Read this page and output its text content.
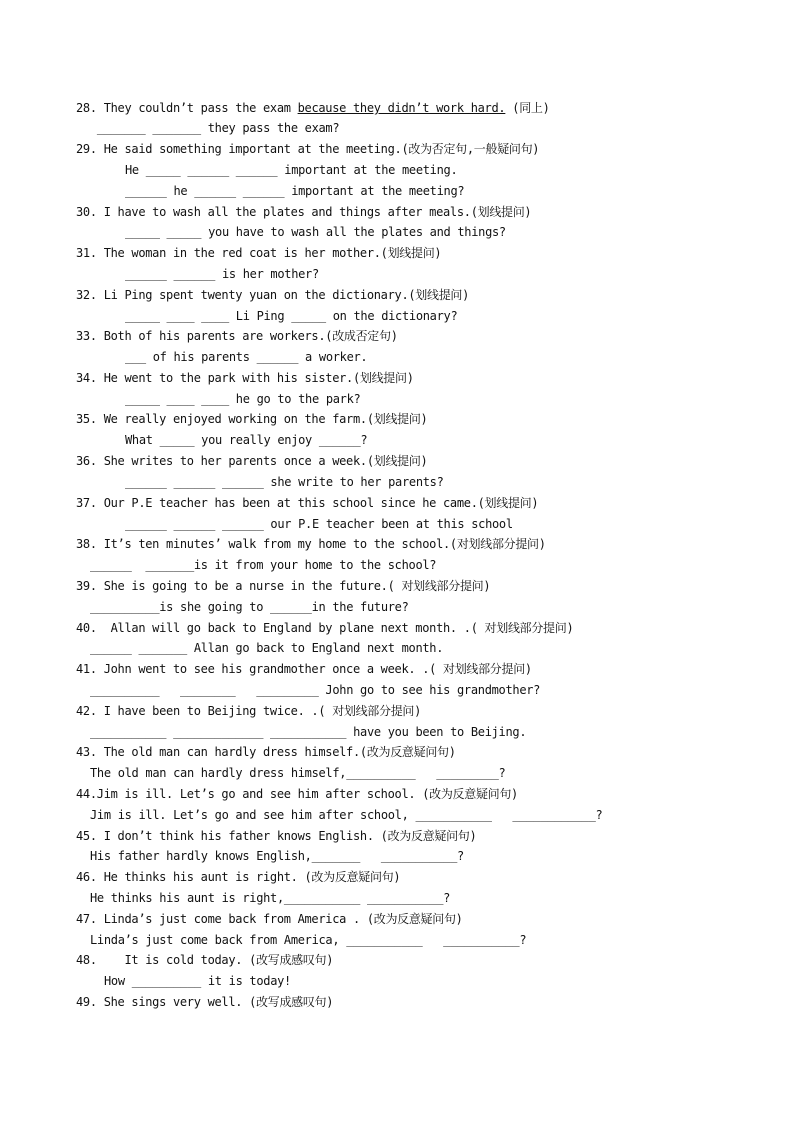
28. They couldn’t pass the exam because they didn’t work hard. (同上)
_______ _______ they pass the exam?
29. He said something important at the meeting.(改为否定句,一般疑问句)
He _____ ______ ______ important at the meeting.
______ he ______ ______ important at the meeting?
30. I have to wash all the plates and things after meals.(划线提问)
_____ _____ you have to wash all the plates and things?
31. The woman in the red coat is her mother.(划线提问)
______ ______ is her mother?
32. Li Ping spent twenty yuan on the dictionary.(划线提问)
_____ ____ ____ Li Ping _____ on the dictionary?
33. Both of his parents are workers.(改成否定句)
___ of his parents ______ a worker.
34. He went to the park with his sister.(划线提问)
_____ ____ ____ he go to the park?
35. We really enjoyed working on the farm.(划线提问)
What _____ you really enjoy ______?
36. She writes to her parents once a week.(划线提问)
______ ______ ______ she write to her parents?
37. Our P.E teacher has been at this school since he came.(划线提问)
______ ______ ______ our P.E teacher been at this school
38. It’s ten minutes’ walk from my home to the school.(对划线部分提问)
______  _______is it from your home to the school?
39. She is going to be a nurse in the future.( 对划线部分提问)
__________is she going to ______in the future?
40.  Allan will go back to England by plane next month. .( 对划线部分提问)
______ _______ Allan go back to England next month.
41. John went to see his grandmother once a week. .( 对划线部分提问)
__________   ________   _________ John go to see his grandmother?
42. I have been to Beijing twice. .( 对划线部分提问)
___________ _____________ ___________ have you been to Beijing.
43. The old man can hardly dress himself.(改为反意疑问句)
The old man can hardly dress himself,__________   _________?
44.Jim is ill. Let’s go and see him after school. (改为反意疑问句)
Jim is ill. Let’s go and see him after school, ___________   ____________?
45. I don’t think his father knows English. (改为反意疑问句)
His father hardly knows English,_______   ___________?
46. He thinks his aunt is right. (改为反意疑问句)
He thinks his aunt is right,___________ ___________?
47. Linda’s just come back from America . (改为反意疑问句)
Linda’s just come back from America, ___________   ___________?
48.    It is cold today. (改写成感叹句)
How __________ it is today!
49. She sings very well. (改写成感叹句)
